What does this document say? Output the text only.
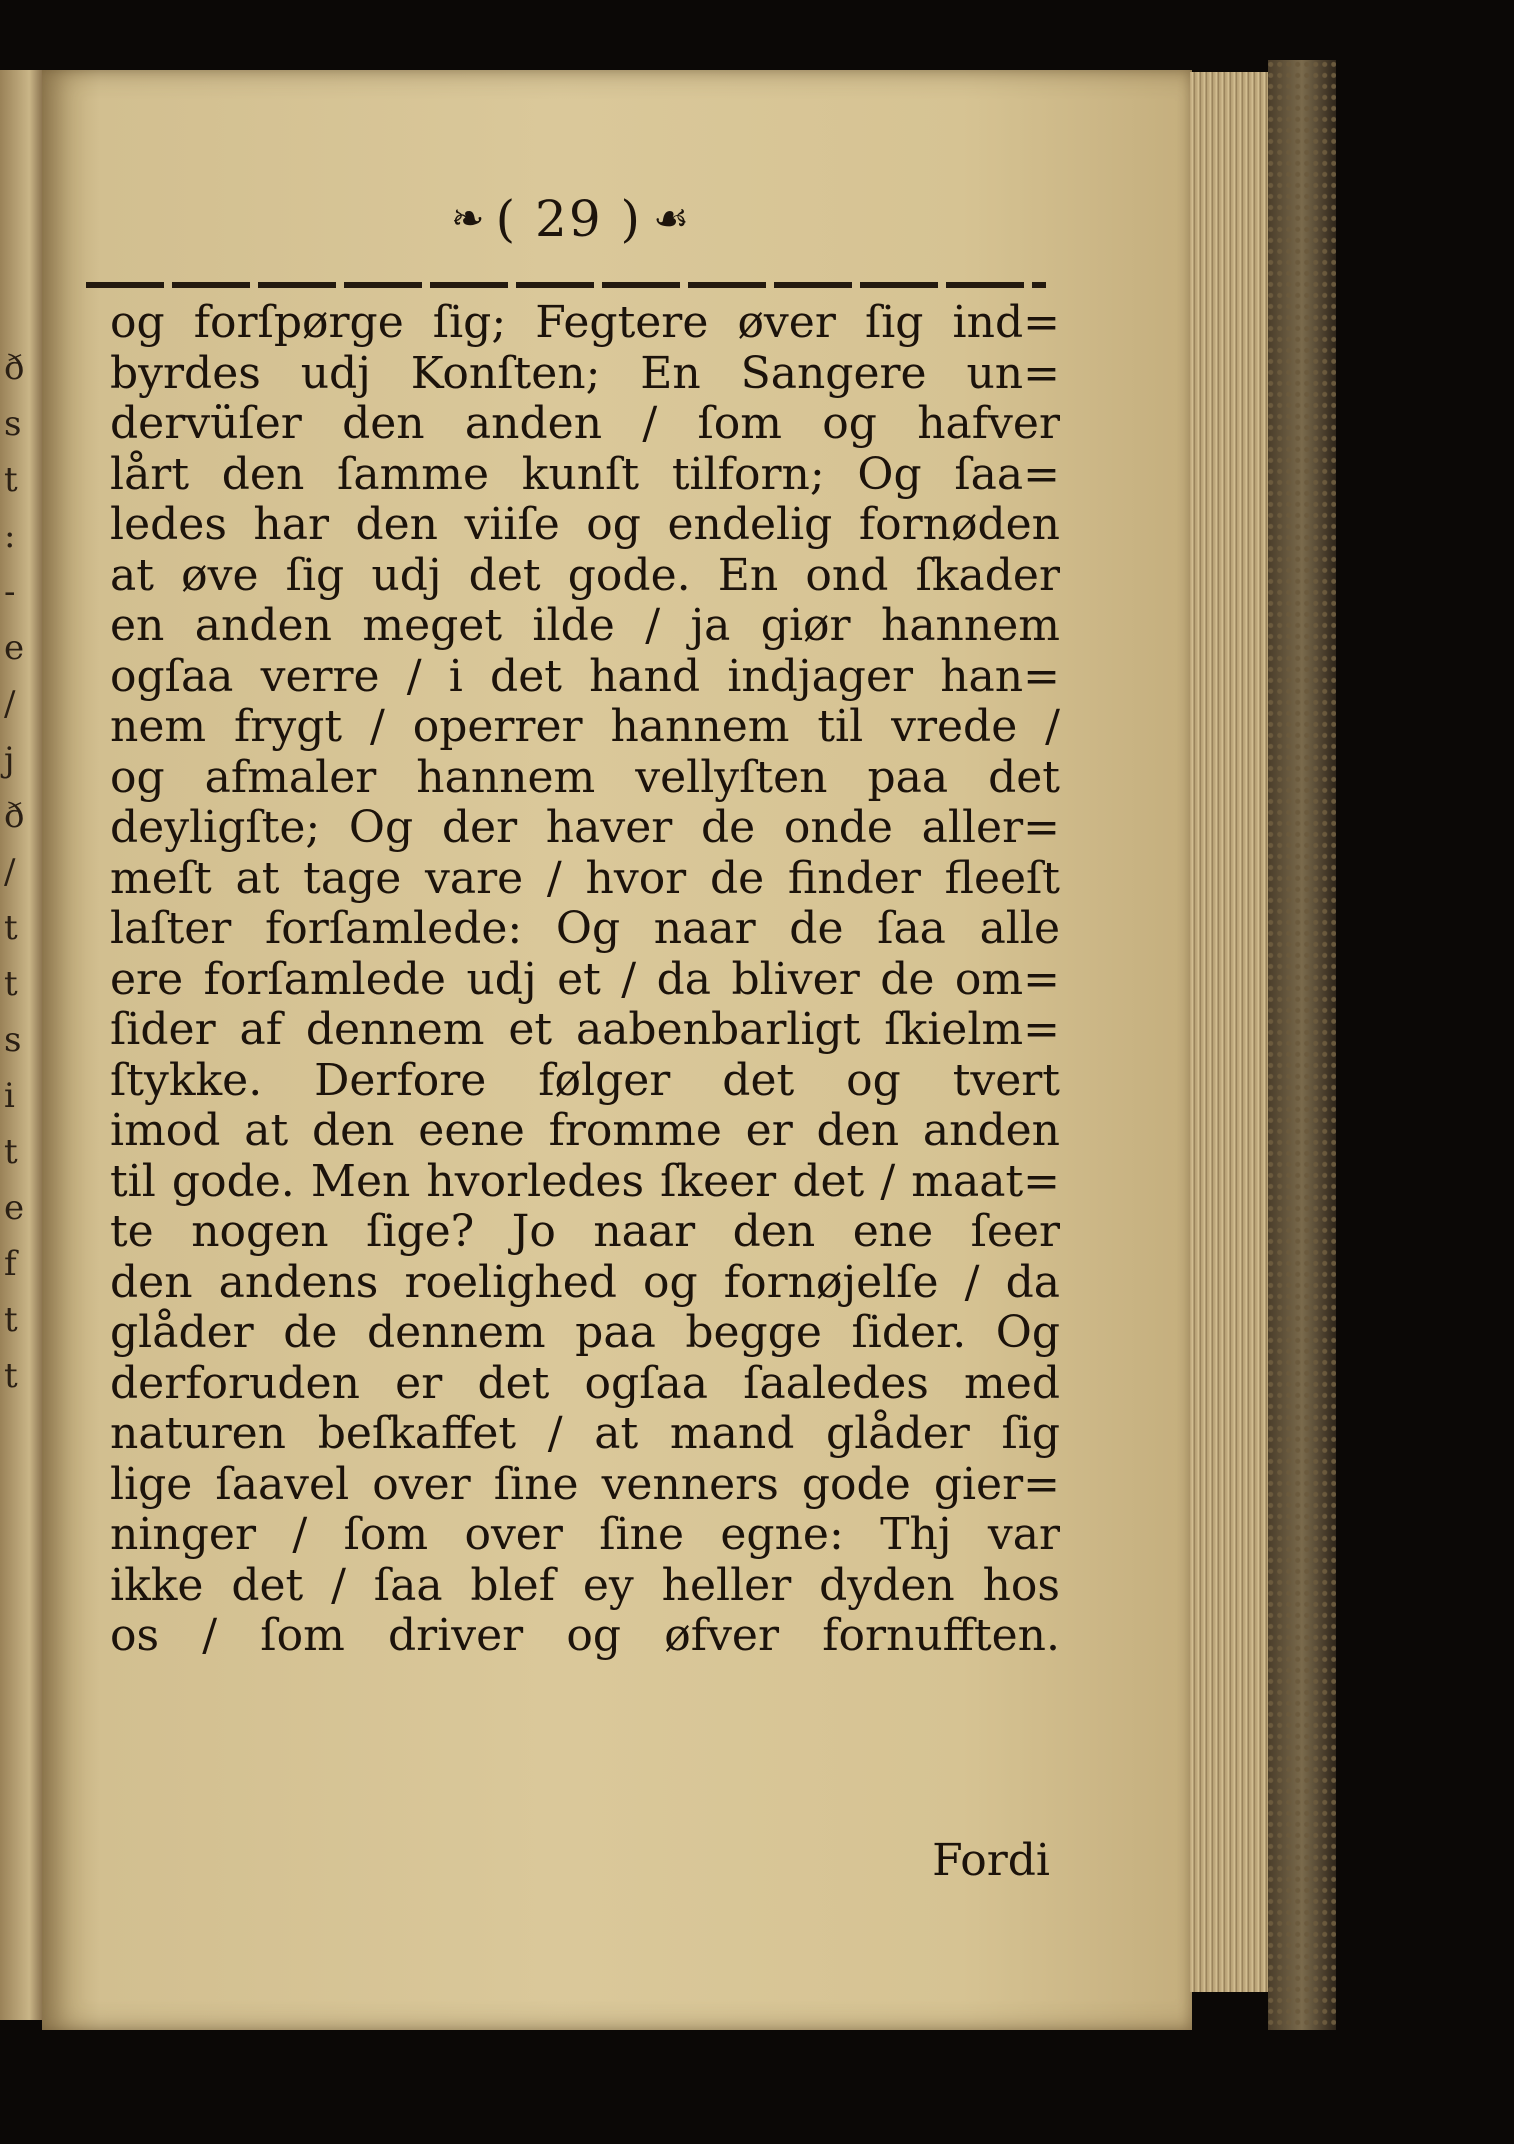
ð
s
t
:
-
e
/
j
ð
/
t
t
s
i
t
e
f
t
t
❧ ( 29 ) ☙
og forſpørge ſig; Fegtere øver ſig ind=
byrdes udj Konſten; En Sangere un=
dervüſer den anden / ſom og hafver
lårt den ſamme kunſt tilforn; Og ſaa=
ledes har den viiſe og endelig fornøden
at øve ſig udj det gode. En ond ſkader
en anden meget ilde / ja giør hannem
ogſaa verre / i det hand indjager han=
nem frygt / operrer hannem til vrede /
og afmaler hannem vellyſten paa det
deyligſte; Og der haver de onde aller=
meſt at tage vare / hvor de finder fleeſt
laſter forſamlede: Og naar de ſaa alle
ere forſamlede udj et / da bliver de om=
ſider af dennem et aabenbarligt ſkielm=
ſtykke. Derfore følger det og tvert
imod at den eene fromme er den anden
til gode. Men hvorledes ſkeer det / maat=
te nogen ſige? Jo naar den ene ſeer
den andens roelighed og fornøjelſe / da
glåder de dennem paa begge ſider. Og
derforuden er det ogſaa ſaaledes med
naturen beſkaffet / at mand glåder ſig
lige ſaavel over ſine venners gode gier=
ninger / ſom over ſine egne: Thj var
ikke det / ſaa blef ey heller dyden hos
os / ſom driver og øfver fornufften.
Fordi
